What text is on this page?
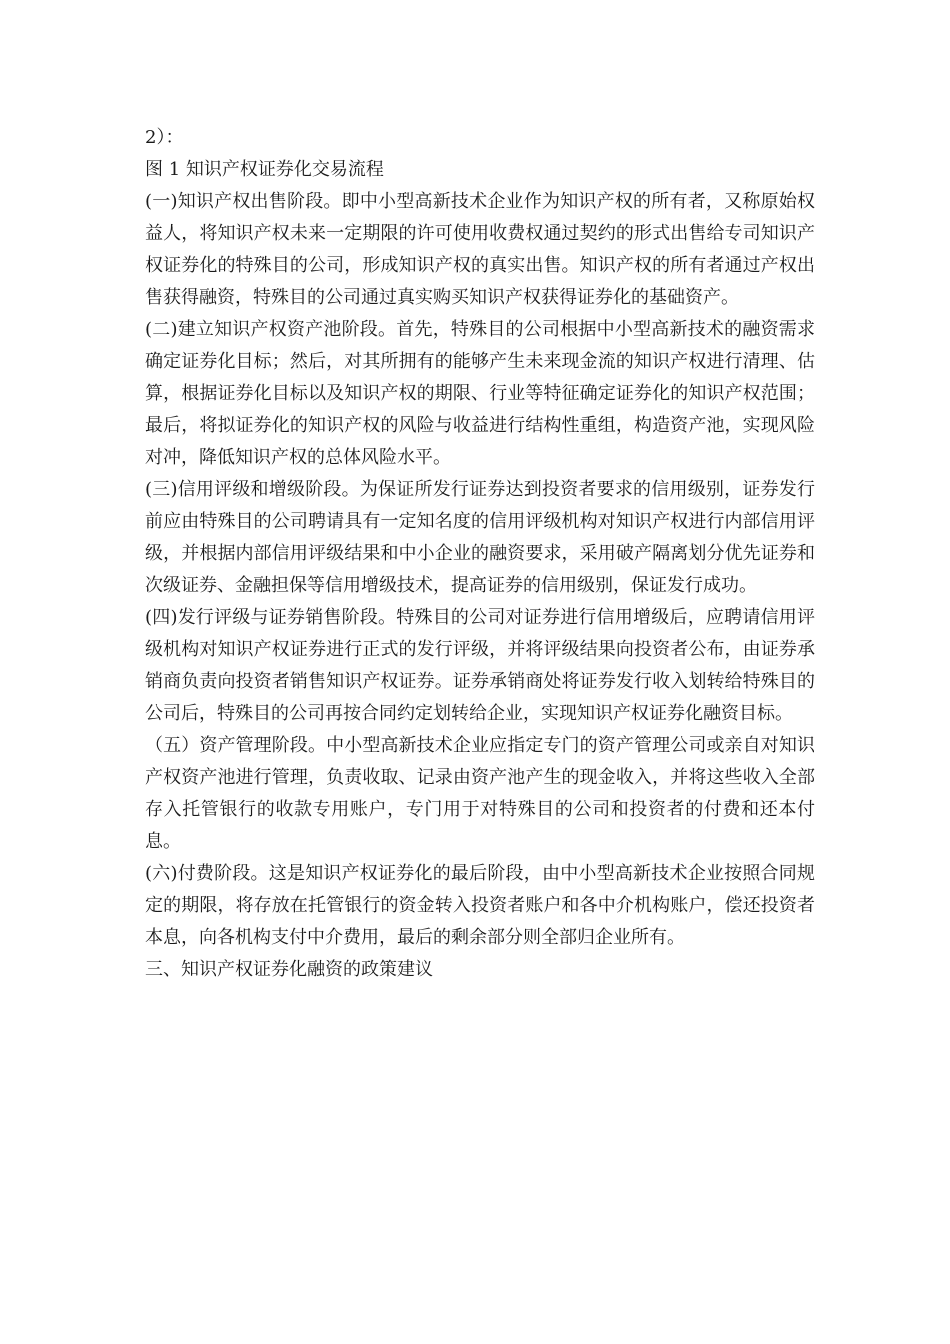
2）：

图 1 知识产权证券化交易流程

(一)知识产权出售阶段。即中小型高新技术企业作为知识产权的所有者，又称原始权益人，将知识产权未来一定期限的许可使用收费权通过契约的形式出售给专司知识产权证券化的特殊目的公司，形成知识产权的真实出售。知识产权的所有者通过产权出售获得融资，特殊目的公司通过真实购买知识产权获得证券化的基础资产。

(二)建立知识产权资产池阶段。首先，特殊目的公司根据中小型高新技术的融资需求确定证券化目标；然后，对其所拥有的能够产生未来现金流的知识产权进行清理、估算，根据证券化目标以及知识产权的期限、行业等特征确定证券化的知识产权范围；最后，将拟证券化的知识产权的风险与收益进行结构性重组，构造资产池，实现风险对冲，降低知识产权的总体风险水平。

(三)信用评级和增级阶段。为保证所发行证券达到投资者要求的信用级别，证券发行前应由特殊目的公司聘请具有一定知名度的信用评级机构对知识产权进行内部信用评级，并根据内部信用评级结果和中小企业的融资要求，采用破产隔离划分优先证券和次级证券、金融担保等信用增级技术，提高证券的信用级别，保证发行成功。

(四)发行评级与证券销售阶段。特殊目的公司对证券进行信用增级后，应聘请信用评级机构对知识产权证券进行正式的发行评级，并将评级结果向投资者公布，由证券承销商负责向投资者销售知识产权证券。证券承销商处将证券发行收入划转给特殊目的公司后，特殊目的公司再按合同约定划转给企业，实现知识产权证券化融资目标。

（五）资产管理阶段。中小型高新技术企业应指定专门的资产管理公司或亲自对知识产权资产池进行管理，负责收取、记录由资产池产生的现金收入，并将这些收入全部存入托管银行的收款专用账户，专门用于对特殊目的公司和投资者的付费和还本付息。

(六)付费阶段。这是知识产权证券化的最后阶段，由中小型高新技术企业按照合同规定的期限，将存放在托管银行的资金转入投资者账户和各中介机构账户，偿还投资者本息，向各机构支付中介费用，最后的剩余部分则全部归企业所有。

三、知识产权证券化融资的政策建议
